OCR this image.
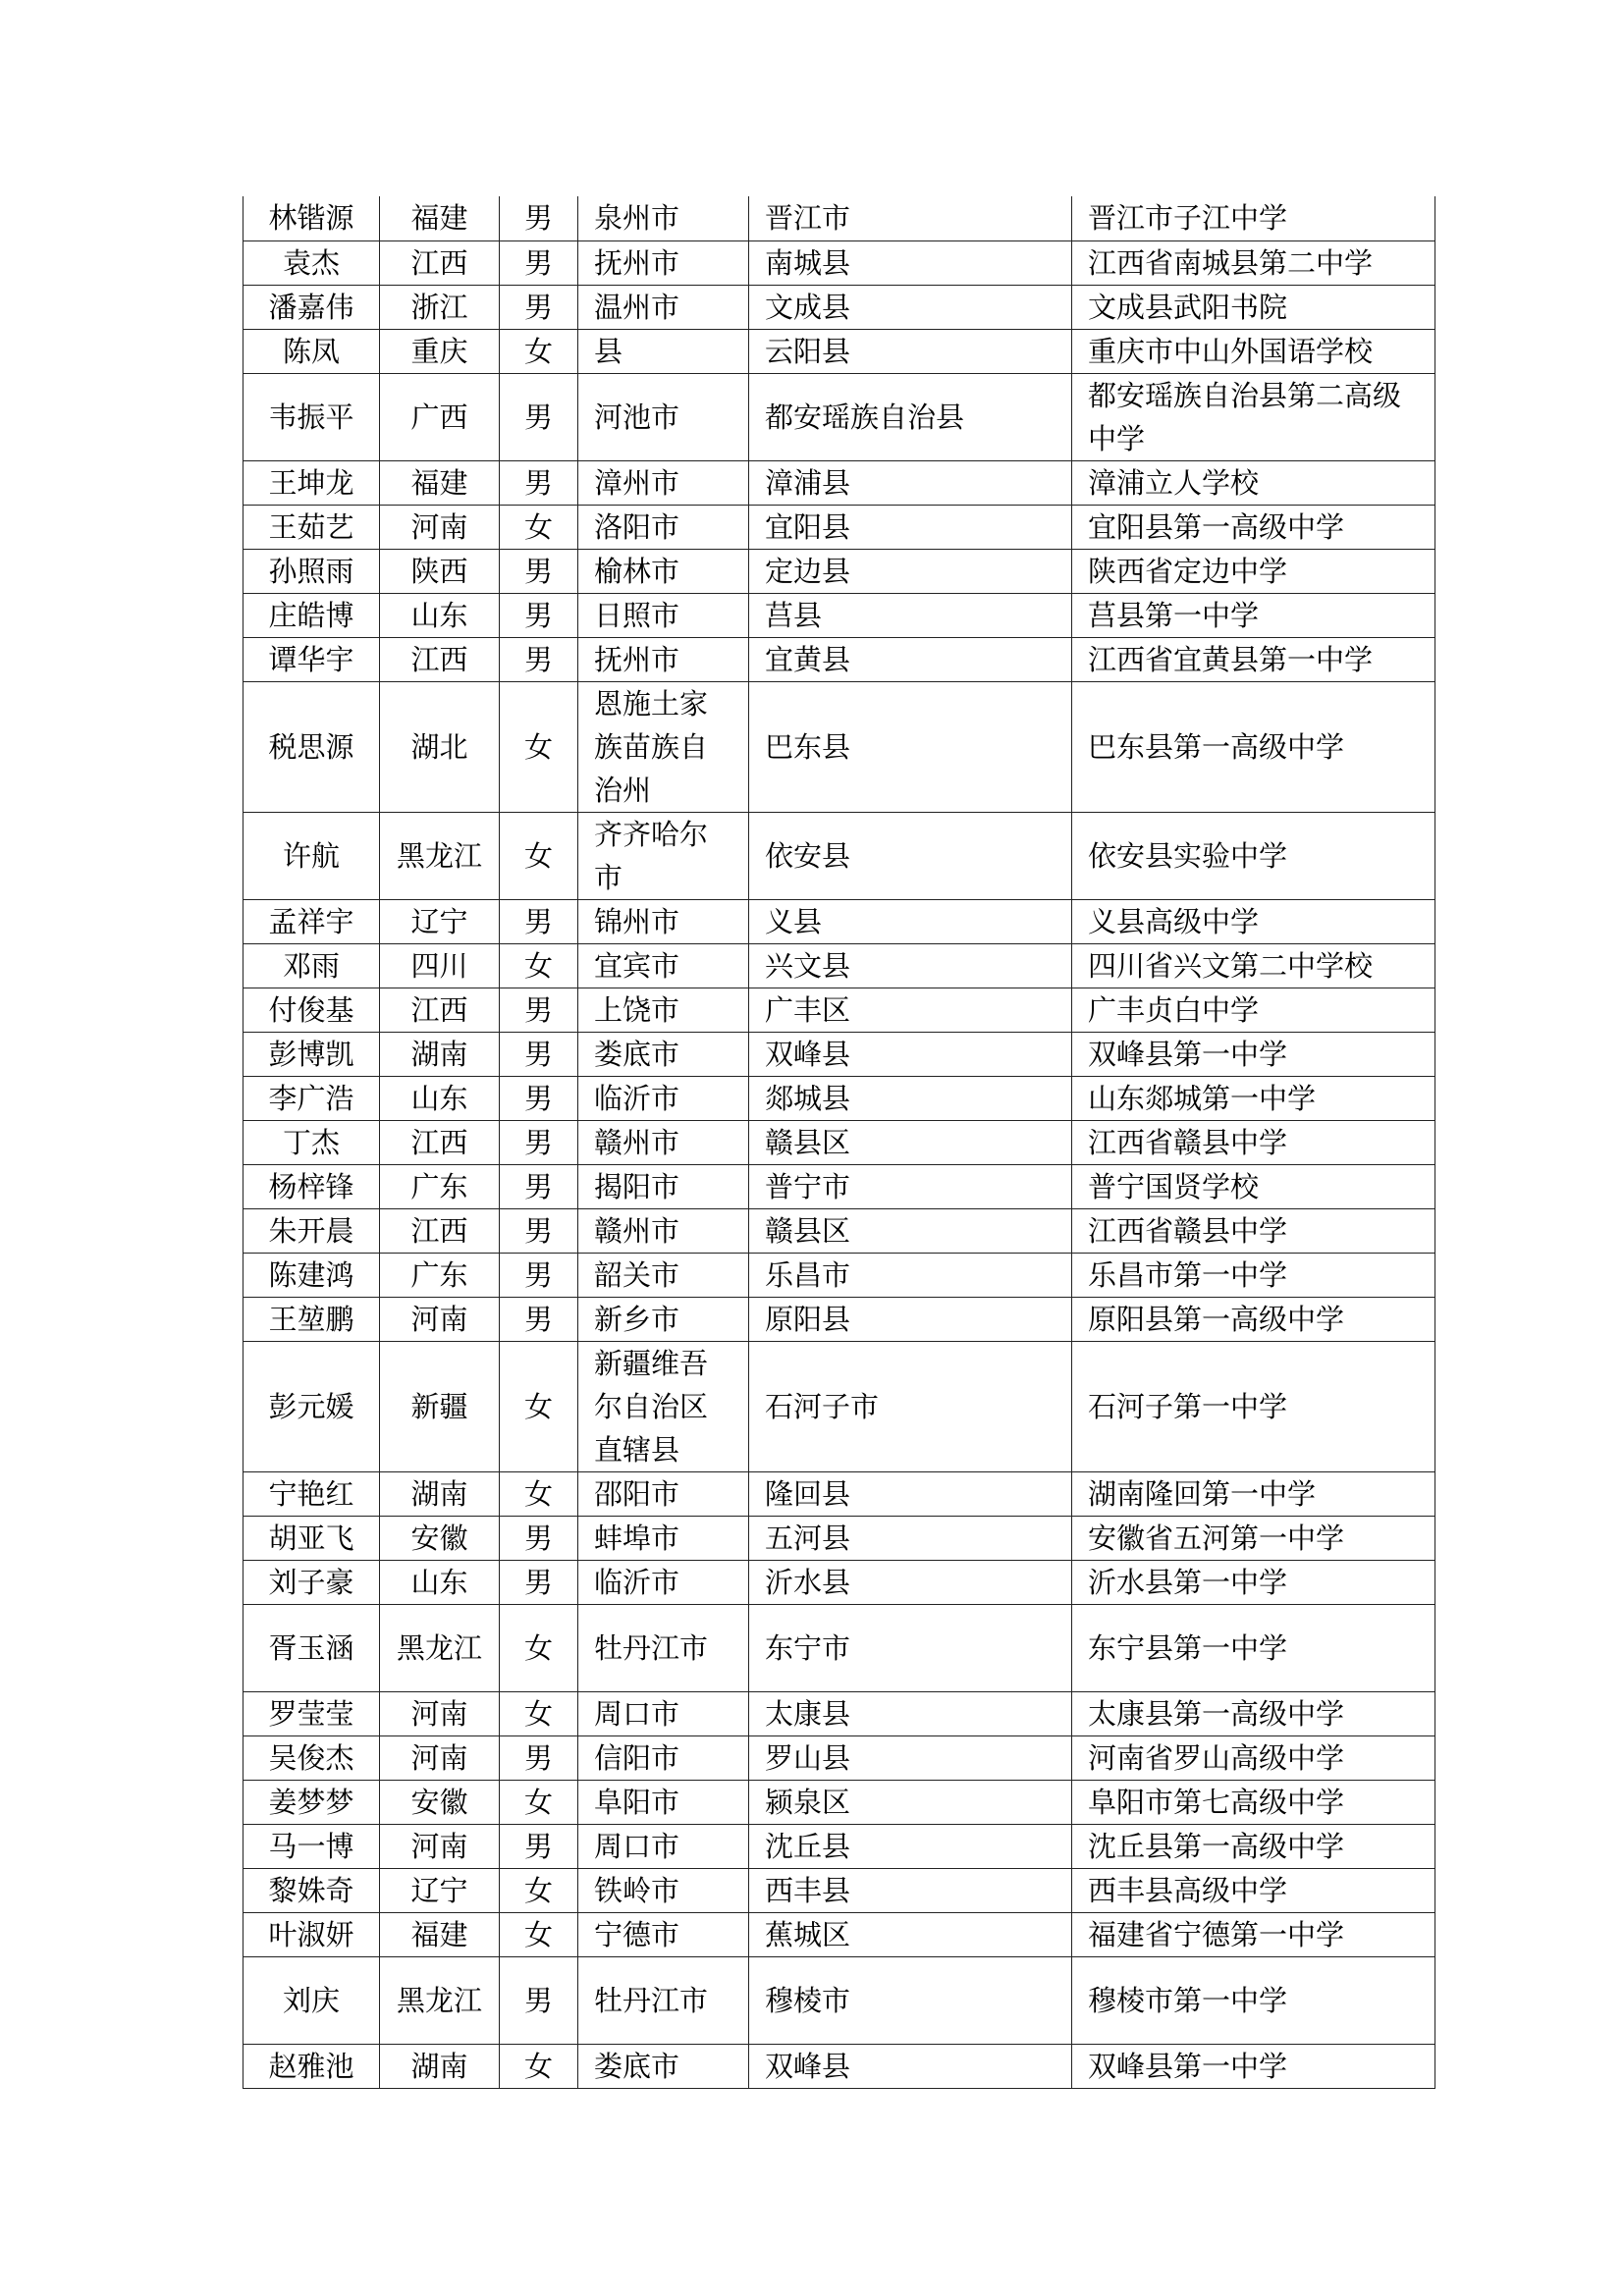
林锴源	福建	男	泉州市	晋江市	晋江市子江中学
袁杰	江西	男	抚州市	南城县	江西省南城县第二中学
潘嘉伟	浙江	男	温州市	文成县	文成县武阳书院
陈凤	重庆	女	县	云阳县	重庆市中山外国语学校
韦振平	广西	男	河池市	都安瑶族自治县	都安瑶族自治县第二高级中学
王坤龙	福建	男	漳州市	漳浦县	漳浦立人学校
王茹艺	河南	女	洛阳市	宜阳县	宜阳县第一高级中学
孙照雨	陕西	男	榆林市	定边县	陕西省定边中学
庄皓博	山东	男	日照市	莒县	莒县第一中学
谭华宇	江西	男	抚州市	宜黄县	江西省宜黄县第一中学
税思源	湖北	女	恩施土家族苗族自治州	巴东县	巴东县第一高级中学
许航	黑龙江	女	齐齐哈尔市	依安县	依安县实验中学
孟祥宇	辽宁	男	锦州市	义县	义县高级中学
邓雨	四川	女	宜宾市	兴文县	四川省兴文第二中学校
付俊基	江西	男	上饶市	广丰区	广丰贞白中学
彭博凯	湖南	男	娄底市	双峰县	双峰县第一中学
李广浩	山东	男	临沂市	郯城县	山东郯城第一中学
丁杰	江西	男	赣州市	赣县区	江西省赣县中学
杨梓锋	广东	男	揭阳市	普宁市	普宁国贤学校
朱开晨	江西	男	赣州市	赣县区	江西省赣县中学
陈建鸿	广东	男	韶关市	乐昌市	乐昌市第一中学
王堃鹏	河南	男	新乡市	原阳县	原阳县第一高级中学
彭元媛	新疆	女	新疆维吾尔自治区直辖县	石河子市	石河子第一中学
宁艳红	湖南	女	邵阳市	隆回县	湖南隆回第一中学
胡亚飞	安徽	男	蚌埠市	五河县	安徽省五河第一中学
刘子豪	山东	男	临沂市	沂水县	沂水县第一中学
胥玉涵	黑龙江	女	牡丹江市	东宁市	东宁县第一中学
罗莹莹	河南	女	周口市	太康县	太康县第一高级中学
吴俊杰	河南	男	信阳市	罗山县	河南省罗山高级中学
姜梦梦	安徽	女	阜阳市	颍泉区	阜阳市第七高级中学
马一博	河南	男	周口市	沈丘县	沈丘县第一高级中学
黎姝奇	辽宁	女	铁岭市	西丰县	西丰县高级中学
叶淑妍	福建	女	宁德市	蕉城区	福建省宁德第一中学
刘庆	黑龙江	男	牡丹江市	穆棱市	穆棱市第一中学
赵雅池	湖南	女	娄底市	双峰县	双峰县第一中学
